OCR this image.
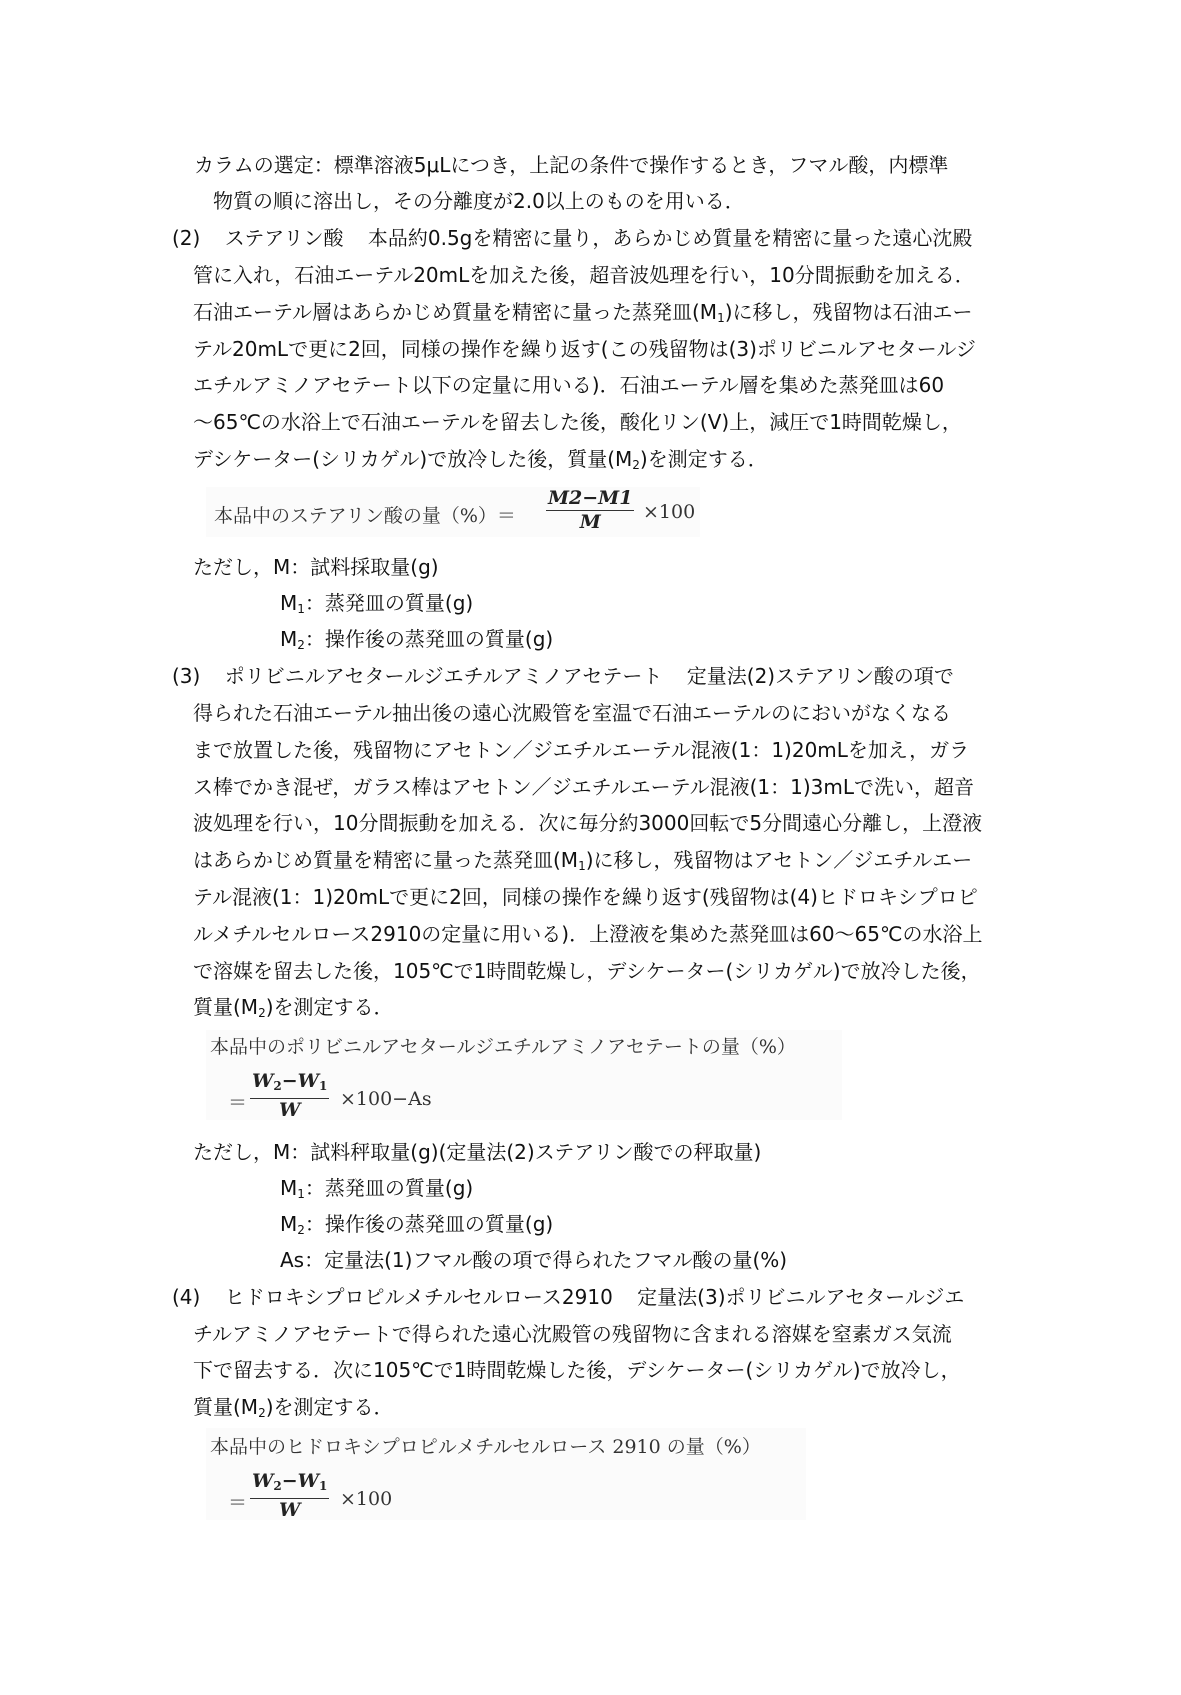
カラムの選定：標準溶液5μLにつき，上記の条件で操作するとき，フマル酸，内標準
物質の順に溶出し，その分離度が2.0以上のものを用いる．
(2) ステアリン酸 本品約0.5gを精密に量り，あらかじめ質量を精密に量った遠心沈殿
管に入れ，石油エーテル20mLを加えた後，超音波処理を行い，10分間振動を加える．
石油エーテル層はあらかじめ質量を精密に量った蒸発皿$(M_1)$に移し，残留物は石油エー
テル20mLで更に2回，同様の操作を繰り返す(この残留物は(3)ポリビニルアセタールジ
エチルアミノアセテート以下の定量に用いる)．石油エーテル層を集めた蒸発皿は60
～65℃の水浴上で石油エーテルを留去した後，酸化リン(Ⅴ)上，減圧で1時間乾燥し，
デシケーター(シリカゲル)で放冷した後，質量$(M_2)$を測定する．
本品中のステアリン酸の量（%）＝ $\frac{M2-M1}{M} \times 100$
ただし，M：試料採取量(g)
$M_1$：蒸発皿の質量(g)
$M_2$：操作後の蒸発皿の質量(g)
(3) ポリビニルアセタールジエチルアミノアセテート 定量法(2)ステアリン酸の項で
得られた石油エーテル抽出後の遠心沈殿管を室温で石油エーテルのにおいがなくなる
まで放置した後，残留物にアセトン／ジエチルエーテル混液(1：1)20mLを加え，ガラ
ス棒でかき混ぜ，ガラス棒はアセトン／ジエチルエーテル混液(1：1)3mLで洗い，超音
波処理を行い，10分間振動を加える．次に毎分約3000回転で5分間遠心分離し，上澄液
はあらかじめ質量を精密に量った蒸発皿$(M_1)$に移し，残留物はアセトン／ジエチルエー
テル混液(1：1)20mLで更に2回，同様の操作を繰り返す(残留物は(4)ヒドロキシプロピ
ルメチルセルロース2910の定量に用いる)．上澄液を集めた蒸発皿は60～65℃の水浴上
で溶媒を留去した後，105℃で1時間乾燥し，デシケーター(シリカゲル)で放冷した後，
質量$(M_2)$を測定する．
本品中のポリビニルアセタールジエチルアミノアセテートの量（%）
＝ $\frac{W2-W1}{W} \times 100-As$
ただし，M：試料秤取量(g)(定量法(2)ステアリン酸での秤取量)
$M_1$：蒸発皿の質量(g)
$M_2$：操作後の蒸発皿の質量(g)
As：定量法(1)フマル酸の項で得られたフマル酸の量(%)
(4) ヒドロキシプロピルメチルセルロース2910 定量法(3)ポリビニルアセタールジエ
チルアミノアセテートで得られた遠心沈殿管の残留物に含まれる溶媒を窒素ガス気流
下で留去する．次に105℃で1時間乾燥した後，デシケーター(シリカゲル)で放冷し，
質量$(M_2)$を測定する．
本品中のヒドロキシプロピルメチルセルロース 2910 の量（%）
＝ $\frac{W2-W1}{W} \times 100$
